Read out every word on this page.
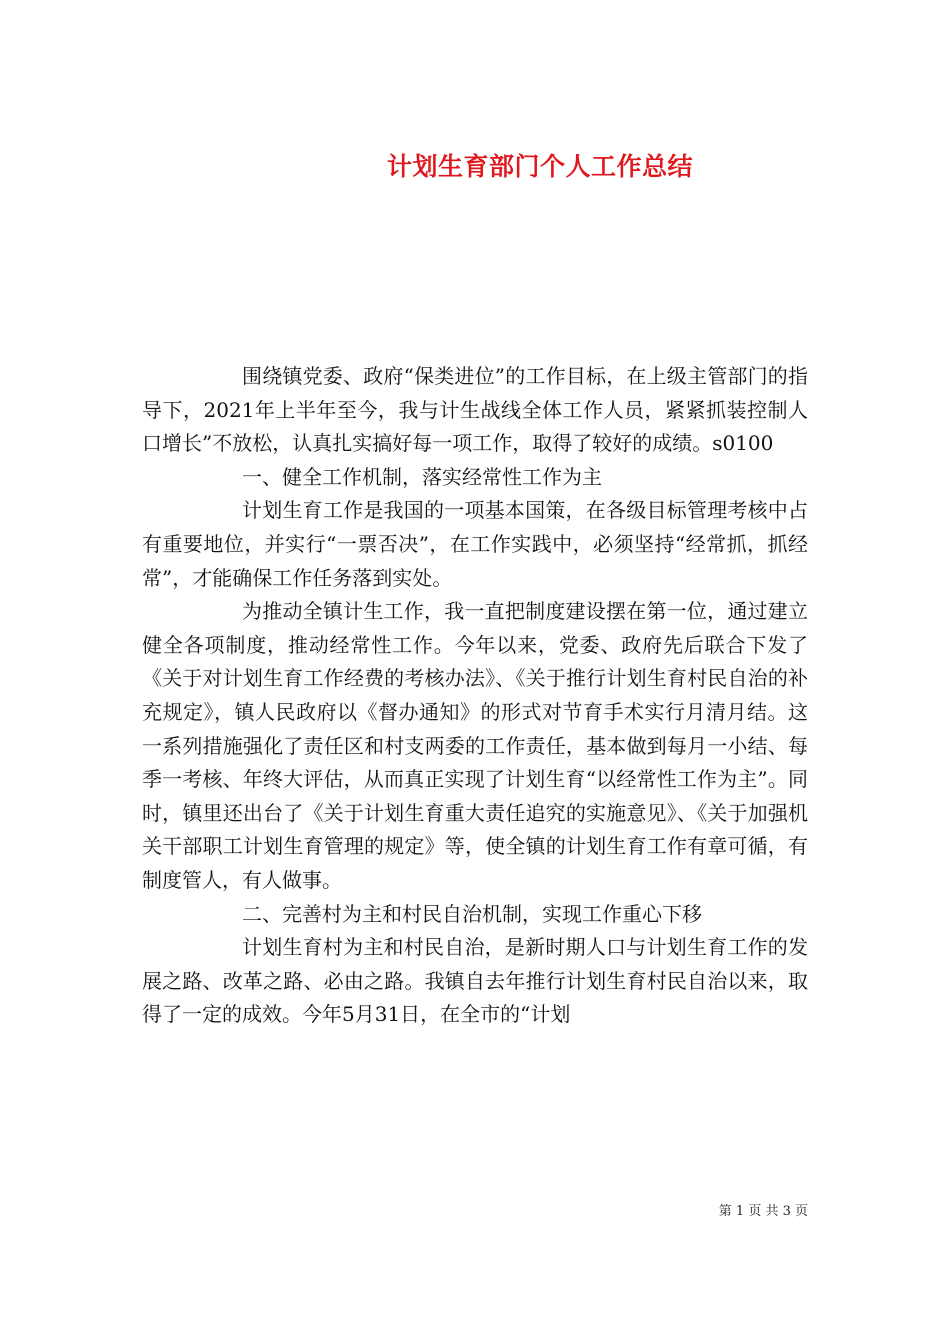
计划生育部门个人工作总结

围绕镇党委、政府“保类进位”的工作目标，在上级主管部门的指导下，2021年上半年至今，我与计生战线全体工作人员，紧紧抓装控制人口增长”不放松，认真扎实搞好每一项工作，取得了较好的成绩。s0100

一、健全工作机制，落实经常性工作为主

计划生育工作是我国的一项基本国策，在各级目标管理考核中占有重要地位，并实行“一票否决”，在工作实践中，必须坚持“经常抓，抓经常”，才能确保工作任务落到实处。

为推动全镇计生工作，我一直把制度建设摆在第一位，通过建立健全各项制度，推动经常性工作。今年以来，党委、政府先后联合下发了《关于对计划生育工作经费的考核办法》、《关于推行计划生育村民自治的补充规定》，镇人民政府以《督办通知》的形式对节育手术实行月清月结。这一系列措施强化了责任区和村支两委的工作责任，基本做到每月一小结、每季一考核、年终大评估，从而真正实现了计划生育“以经常性工作为主”。同时，镇里还出台了《关于计划生育重大责任追究的实施意见》、《关于加强机关干部职工计划生育管理的规定》等，使全镇的计划生育工作有章可循，有制度管人，有人做事。

二、完善村为主和村民自治机制，实现工作重心下移

计划生育村为主和村民自治，是新时期人口与计划生育工作的发展之路、改革之路、必由之路。我镇自去年推行计划生育村民自治以来，取得了一定的成效。今年5月31日，在全市的“计划

第 1 页 共 3 页
